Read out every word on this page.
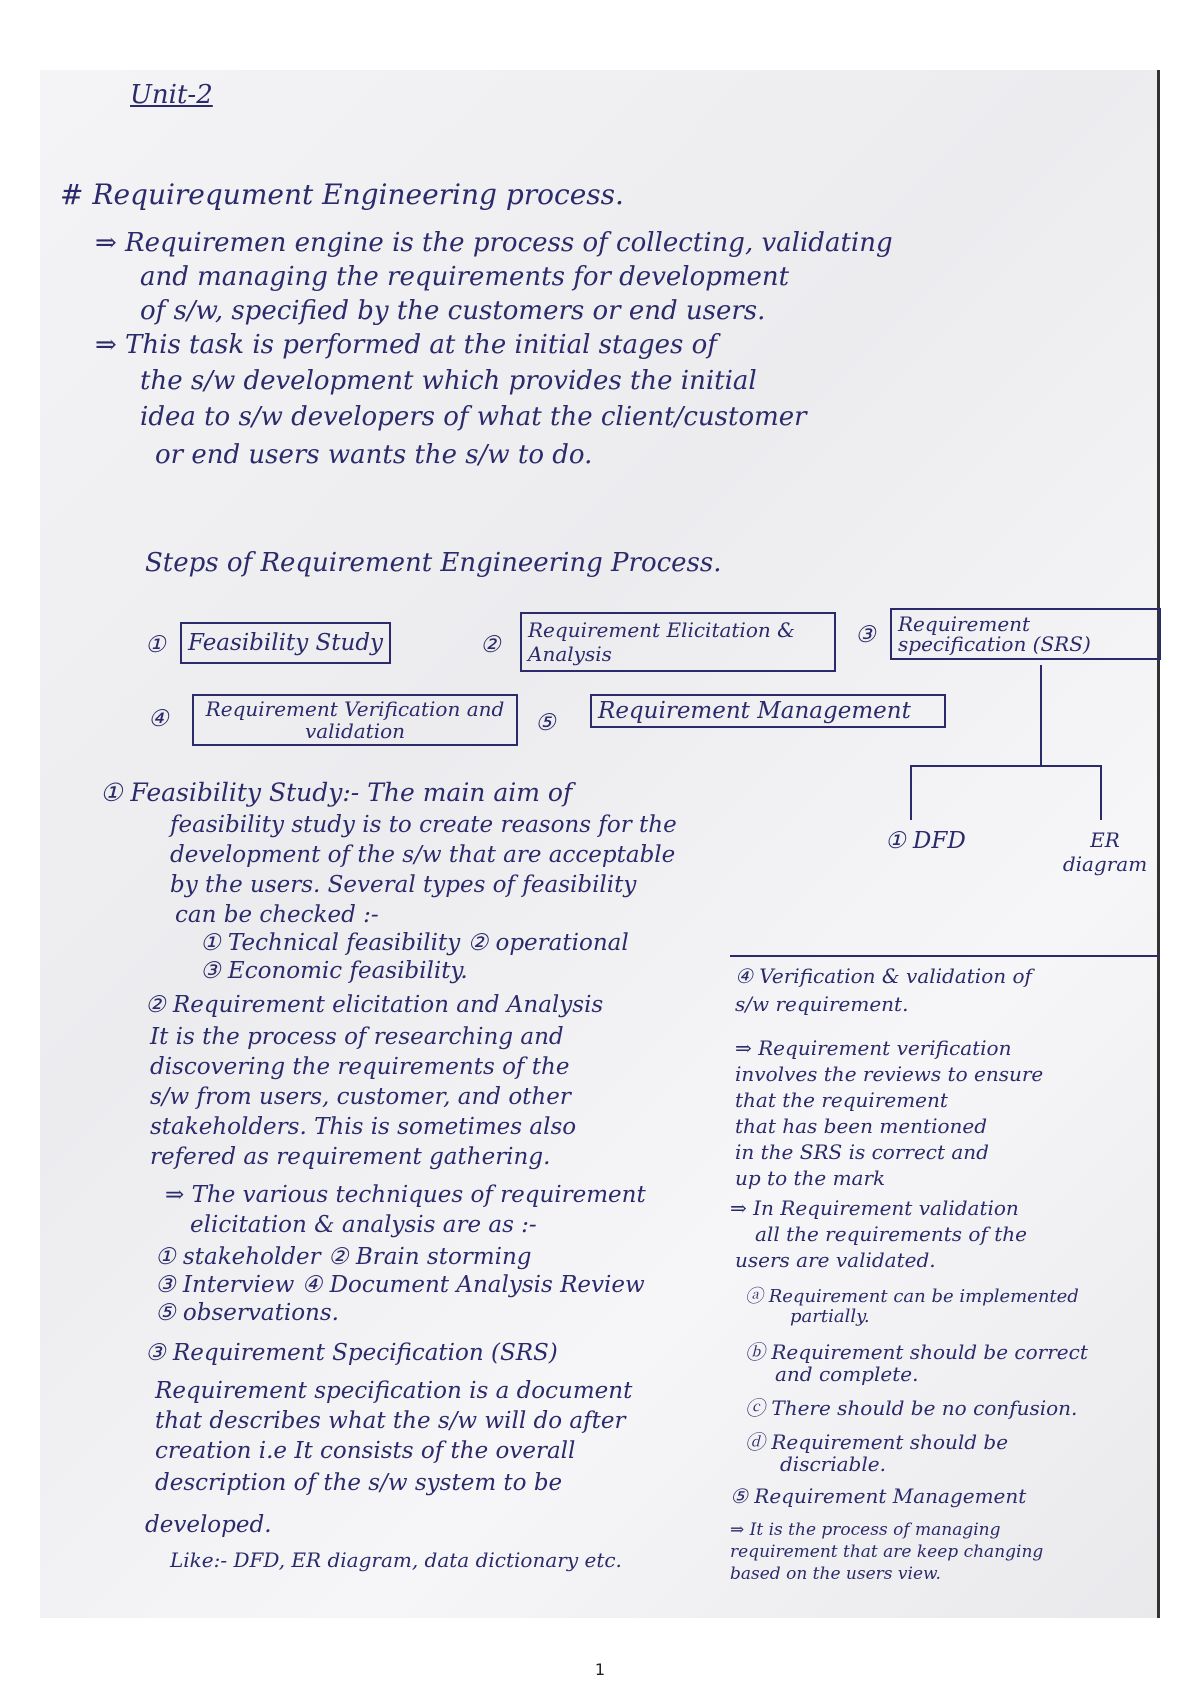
Unit-2
# Requirequment Engineering process.
⇒ Requiremen engine is the process of collecting, validating
and managing the requirements for development
of s/w, specified by the customers or end users.
⇒ This task is performed at the initial stages of
the s/w development which provides the initial
idea to s/w developers of what the client/customer
or end users wants the s/w to do.
Steps of Requirement Engineering Process.
① Feasibility Study	②
Requirement Elicitation & Analysis
③	Requirement specification (SRS)
④	Requirement Verification and validation	⑤	Requirement Management
① DFD	ER diagram
① Feasibility Study:- The main aim of
feasibility study is to create reasons for the
development of the s/w that are acceptable
by the users. Several types of feasibility
can be checked :-
① Technical feasibility ② operational
③ Economic feasibility.
② Requirement elicitation and Analysis
It is the process of researching and
discovering the requirements of the
s/w from users, customer, and other
stakeholders. This is sometimes also
refered as requirement gathering.
⇒ The various techniques of requirement
elicitation & analysis are as :-
① stakeholder ② Brain storming
③ Interview ④ Document Analysis Review
⑤ observations.
③ Requirement Specification (SRS)
Requirement specification is a document
that describes what the s/w will do after
creation i.e It consists of the overall
description of the s/w system to be
developed.
Like:- DFD, ER diagram, data dictionary etc.
④ Verification & validation of s/w requirement.
⇒ Requirement verification
involves the reviews to ensure
that the requirement
that has been mentioned
in the SRS is correct and
up to the mark
⇒ In Requirement validation
all the requirements of the
users are validated.
ⓐ Requirement can be implemented
partially.
ⓑ Requirement should be correct
and complete.
ⓒ There should be no confusion.
ⓓ Requirement should be
discriable.
⑤ Requirement Management
⇒ It is the process of managing
requirement that are keep changing
based on the users view.
1
